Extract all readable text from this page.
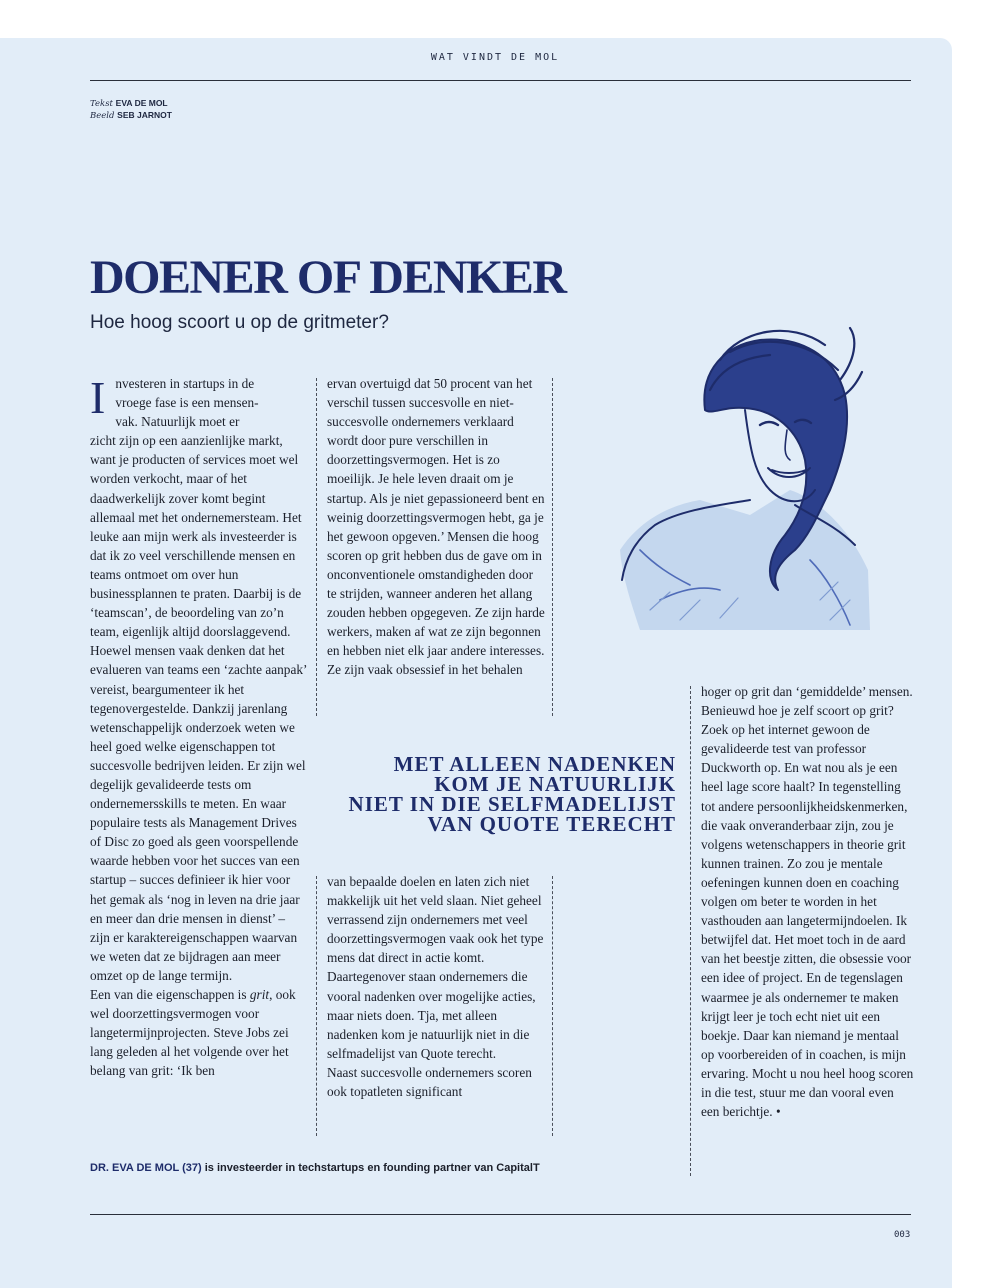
WAT VINDT DE MOL
Tekst EVA DE MOL
Beeld SEB JARNOT
DOENER OF DENKER
Hoe hoog scoort u op de gritmeter?
I nvesteren in startups in de
vroege fase is een mensen-
vak. Natuurlijk moet er

zicht zijn op een aanzienlijke markt, want je producten of services moet wel worden verkocht, maar of het daadwerkelijk zover komt begint allemaal met het ondernemersteam. Het leuke aan mijn werk als investeerder is dat ik zo veel verschillende mensen en teams ontmoet om over hun businessplannen te praten. Daarbij is de ‘teamscan’, de beoordeling van zo’n team, eigenlijk altijd doorslaggevend. Hoewel mensen vaak denken dat het evalueren van teams een ‘zachte aanpak’ vereist, beargumenteer ik het tegenovergestelde. Dankzij jarenlang wetenschappelijk onderzoek weten we heel goed welke eigenschappen tot succesvolle bedrijven leiden. Er zijn wel degelijk gevalideerde tests om ondernemersskills te meten. En waar populaire tests als Management Drives of Disc zo goed als geen voorspellende waarde hebben voor het succes van een startup – succes definieer ik hier voor het gemak als ‘nog in leven na drie jaar en meer dan drie mensen in dienst’ – zijn er karaktereigenschappen waarvan we weten dat ze bijdragen aan meer omzet op de lange termijn.

Een van die eigenschappen is grit, ook wel doorzettingsvermogen voor langetermijnprojecten. Steve Jobs zei lang geleden al het volgende over het belang van grit: ‘Ik ben

ervan overtuigd dat 50 procent van het verschil tussen succesvolle en niet-succesvolle ondernemers verklaard wordt door pure verschillen in doorzettingsvermogen. Het is zo moeilijk. Je hele leven draait om je startup. Als je niet gepassioneerd bent en weinig doorzettingsvermogen hebt, ga je het gewoon opgeven.’ Mensen die hoog scoren op grit hebben dus de gave om in onconventionele omstandigheden door te strijden, wanneer anderen het allang zouden hebben opgegeven. Ze zijn harde werkers, maken af wat ze zijn begonnen en hebben niet elk jaar andere interesses. Ze zijn vaak obsessief in het behalen

MET ALLEEN NADENKEN
KOM JE NATUURLIJK
NIET IN DIE SELFMADELIJST
VAN QUOTE TERECHT

van bepaalde doelen en laten zich niet makkelijk uit het veld slaan. Niet geheel verrassend zijn ondernemers met veel doorzettingsvermogen vaak ook het type mens dat direct in actie komt. Daartegenover staan ondernemers die vooral nadenken over mogelijke acties, maar niets doen. Tja, met alleen nadenken kom je natuurlijk niet in die selfmadelijst van Quote terecht.

Naast succesvolle ondernemers scoren ook topatleten significant

hoger op grit dan ‘gemiddelde’ mensen. Benieuwd hoe je zelf scoort op grit? Zoek op het internet gewoon de gevalideerde test van professor Duckworth op. En wat nou als je een heel lage score haalt? In tegenstelling tot andere persoonlijkheidskenmerken, die vaak onveranderbaar zijn, zou je volgens wetenschappers in theorie grit kunnen trainen. Zo zou je mentale oefeningen kunnen doen en coaching volgen om beter te worden in het vasthouden aan langetermijndoelen. Ik betwijfel dat. Het moet toch in de aard van het beestje zitten, die obsessie voor een idee of project. En de tegenslagen waarmee je als ondernemer te maken krijgt leer je toch echt niet uit een boekje. Daar kan niemand je mentaal op voorbereiden of in coachen, is mijn ervaring. Mocht u nou heel hoog scoren in die test, stuur me dan vooral even een berichtje. •

DR. EVA DE MOL (37) is investeerder in techstartups en founding partner van CapitalT
003
